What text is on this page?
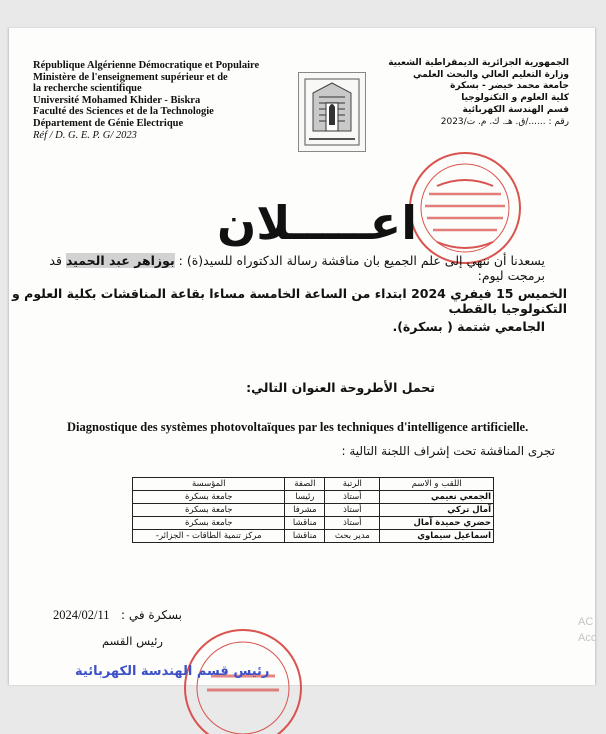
République Algérienne Démocratique et Populaire
Ministère de l'enseignement supérieur et de
la recherche scientifique
Université Mohamed Khider - Biskra
Faculté des Sciences et de la Technologie
Département de Génie Electrique
Réf / D. G. E. P. G/ 2023
الجمهورية الجزائرية الديمقراطية الشعبية
وزارة التعليم العالي والبحث العلمي
جامعة محمد خيضر - بسكرة
كلية العلوم و التكنولوجيا
قسم الهندسة الكهربائية
رقم : ....../ق. هـ. ك. م. ت/2023
اعـــــلان
يسعدنا أن ننهي إلى علم الجميع بان مناقشة رسالة الدكتوراه للسيد(ة) : بوزاهر عبد الحميد قد برمجت ليوم:
الخميس 15 فيفري 2024 ابتداء من الساعة الخامسة مساءا بقاعة المناقشات بكلية العلوم و التكنولوجيا بالقطب
الجامعي شتمة ( بسكرة).
تحمل الأطروحة العنوان التالي:
Diagnostique des systèmes photovoltaïques par les techniques d'intelligence artificielle.
تجرى المناقشة تحت إشراف اللجنة التالية :
اللقب و الاسم	الرتبة	الصفة	المؤسسة
الجمعي نعيمي	أستاذ	رئيسا	جامعة بسكرة
آمال تركي	أستاذ	مشرفا	جامعة بسكرة
حضري حميدة آمال	أستاذ	مناقشا	جامعة بسكرة
اسماعيل سيماوي	مدير بحث	مناقشا	مركز تنمية الطاقات - الجزائر-
بسكرة في :
2024/02/11
رئيس القسم
رئيس قسم الهندسة الكهربائية
AC Acc
